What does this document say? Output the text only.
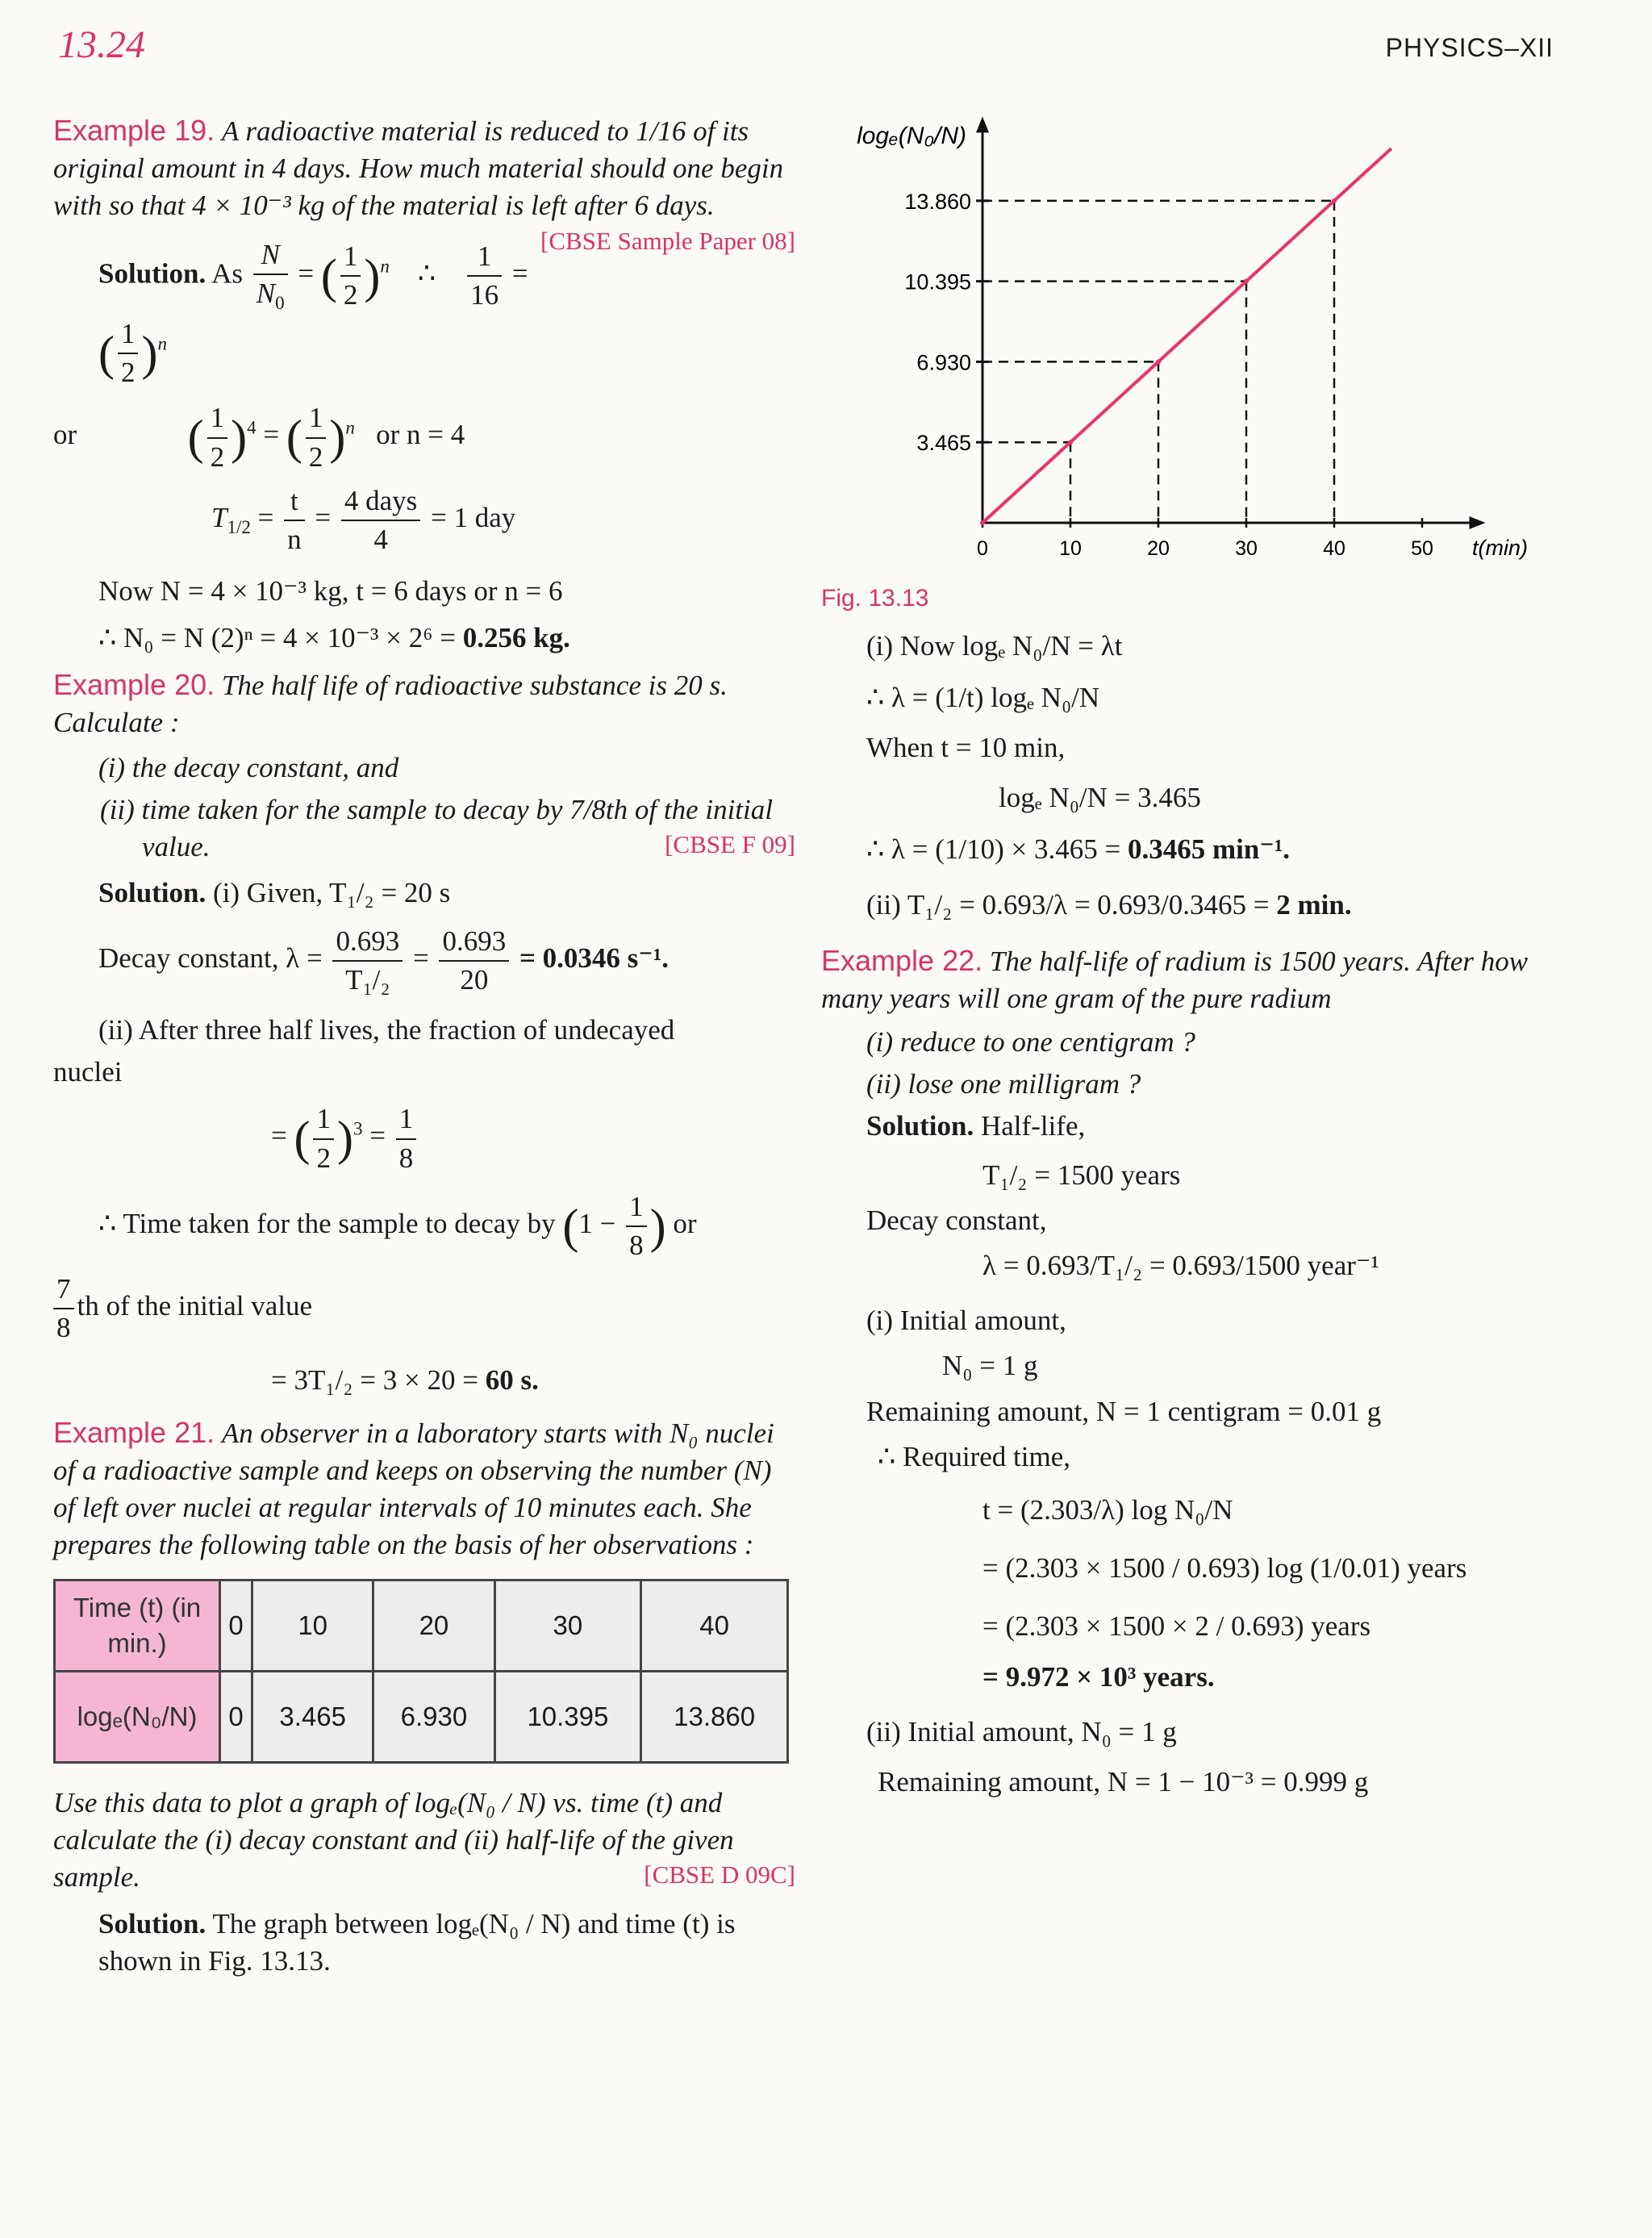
13.24	PHYSICS–XII

Example 19. A radioactive material is reduced to 1/16 of its original amount in 4 days. How much material should one begin with so that 4 × 10⁻³ kg of the material is left after 6 days.
[CBSE Sample Paper 08]

Solution. As $\frac{N}{N_0}$ = ( $\frac{1}{2} )^n$    ∴ $\frac{1}{16}$ = ( $\frac{1}{2} )^n$
or ( $\frac{1}{2} )^4$ = ( $\frac{1}{2} )^n$ or n = 4
$T_{1/2} = \frac{t}{n} = \frac{\text{4 days}}{4} = 1$ day

Now N = 4 × 10⁻³ kg, t = 6 days or n = 6

∴ N₀ = N (2)ⁿ = 4 × 10⁻³ × 2⁶ = 0.256 kg.

Example 20. The half life of radioactive substance is 20 s. Calculate :

(i) the decay constant, and

(ii) time taken for the sample to decay by 7/8th of the initial value.	[CBSE F 09]

Solution. (i) Given, T₁/₂ = 20 s

Decay constant, $\lambda = \frac{0.693}{\text{T₁/₂}} = \frac{0.693}{20} = 0.0346$ s⁻¹.

(ii) After three half lives, the fraction of undecayed

nuclei

= ( $\frac{1}{2} )^3 = \frac{1}{8}$
∴ Time taken for the sample to decay by ($1 - \frac{1}{8}$ ) or
$\frac{7}{8}$ th of the initial value

= 3T₁/₂ = 3 × 20 = 60 s.

Example 21. An observer in a laboratory starts with N₀ nuclei of a radioactive sample and keeps on observing the number (N) of left over nuclei at regular intervals of 10 minutes each. She prepares the following table on the basis of her observations :

Time (t) (in min.)	0	10	20	30	40
logₑ(N₀/N)	0	3.465	6.930	10.395	13.860

Use this data to plot a graph of logₑ(N₀ / N) vs. time (t) and calculate the (i) decay constant and (ii) half-life of the given sample.	[CBSE D 09C]

Solution. The graph between logₑ(N₀ / N) and time (t) is shown in Fig. 13.13.

3.465
6.930
10.395
13.860
0	10	20	30	40	50 t(min)
logₑ(N₀/N)
Fig. 13.13

(i) Now logₑ N₀/N = λt

∴ λ = (1/t) logₑ N₀/N

When t = 10 min,

logₑ N₀/N = 3.465

∴ λ = (1/10) × 3.465 = 0.3465 min⁻¹.

(ii) T₁/₂ = 0.693/λ = 0.693/0.3465 = 2 min.

Example 22. The half-life of radium is 1500 years. After how many years will one gram of the pure radium

(i) reduce to one centigram ?

(ii) lose one milligram ?

Solution. Half-life,

T₁/₂ = 1500 years

Decay constant,

λ = 0.693/T₁/₂ = 0.693/1500 year⁻¹

(i) Initial amount,

N₀ = 1 g

Remaining amount, N = 1 centigram = 0.01 g

∴ Required time,

t = (2.303/λ) log N₀/N

= (2.303 × 1500 / 0.693) log (1/0.01) years

= (2.303 × 1500 × 2 / 0.693) years

= 9.972 × 10³ years.

(ii) Initial amount, N₀ = 1 g

Remaining amount, N = 1 − 10⁻³ = 0.999 g
